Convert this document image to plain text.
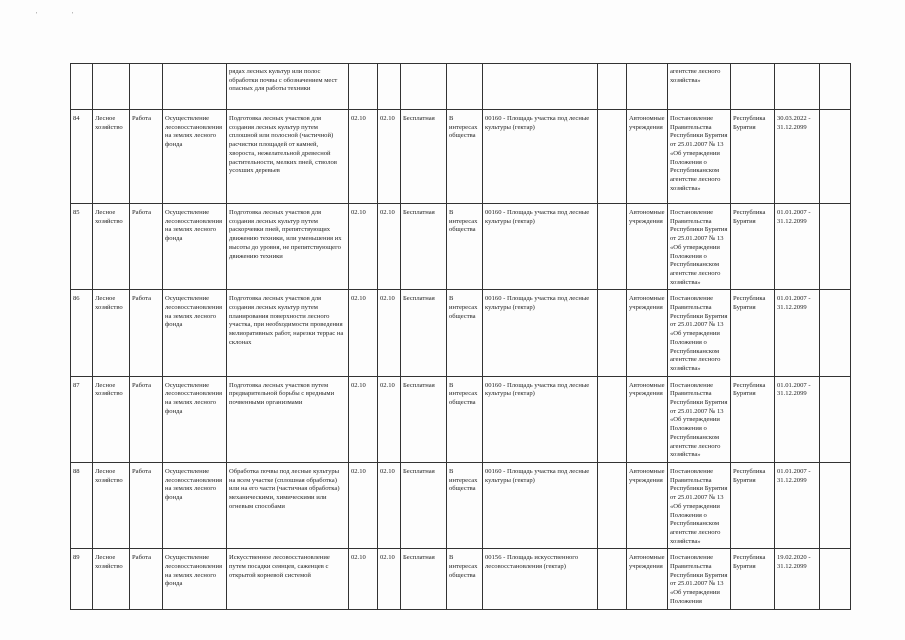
'	'
				рядах лесных культур или полос обработки почвы с обозначением мест опасных для работы техники								агентстве лесного хозяйства»			
84	Лесное хозяйство	Работа	Осуществление лесовосстановления на землях лесного фонда	Подготовка лесных участков для создания лесных культур путем сплошной или полосной (частичной) расчистки площадей от камней, хвороста, нежелательной древесной растительности, мелких пней, стволов усохших деревьев	02.10	02.10	Бесплатная	В интересах общества	00160 - Площадь участка под лесные культуры (гектар)		Автономные учреждения	Постановление Правительства Республики Бурятия от 25.01.2007 № 13 «Об утверждении Положения о Республиканском агентстве лесного хозяйства»	Республика Бурятия	30.03.2022 - 31.12.2099	
85	Лесное хозяйство	Работа	Осуществление лесовосстановления на землях лесного фонда	Подготовка лесных участков для создания лесных культур путем раскорчевки пней, препятствующих движению техники, или уменьшения их высоты до уровня, не препятствующего движению техники	02.10	02.10	Бесплатная	В интересах общества	00160 - Площадь участка под лесные культуры (гектар)		Автономные учреждения	Постановление Правительства Республики Бурятия от 25.01.2007 № 13 «Об утверждении Положения о Республиканском агентстве лесного хозяйства»	Республика Бурятия	01.01.2007 - 31.12.2099	
86	Лесное хозяйство	Работа	Осуществление лесовосстановления на землях лесного фонда	Подготовка лесных участков для создания лесных культур путем планирования поверхности лесного участка, при необходимости проведения мелиоративных работ, нарезки террас на склонах	02.10	02.10	Бесплатная	В интересах общества	00160 - Площадь участка под лесные культуры (гектар)		Автономные учреждения	Постановление Правительства Республики Бурятия от 25.01.2007 № 13 «Об утверждении Положения о Республиканском агентстве лесного хозяйства»	Республика Бурятия	01.01.2007 - 31.12.2099	
87	Лесное хозяйство	Работа	Осуществление лесовосстановления на землях лесного фонда	Подготовка лесных участков путем предварительной борьбы с вредными почвенными организмами	02.10	02.10	Бесплатная	В интересах общества	00160 - Площадь участка под лесные культуры (гектар)		Автономные учреждения	Постановление Правительства Республики Бурятия от 25.01.2007 № 13 «Об утверждении Положения о Республиканском агентстве лесного хозяйства»	Республика Бурятия	01.01.2007 - 31.12.2099	
88	Лесное хозяйство	Работа	Осуществление лесовосстановления на землях лесного фонда	Обработка почвы под лесные культуры на всем участке (сплошная обработка) или на его части (частичная обработка) механическими, химическими или огневым способами	02.10	02.10	Бесплатная	В интересах общества	00160 - Площадь участка под лесные культуры (гектар)		Автономные учреждения	Постановление Правительства Республики Бурятия от 25.01.2007 № 13 «Об утверждении Положения о Республиканском агентстве лесного хозяйства»	Республика Бурятия	01.01.2007 - 31.12.2099	
89	Лесное хозяйство	Работа	Осуществление лесовосстановления на землях лесного фонда	Искусственное лесовосстановление путем посадки сеянцев, саженцев с открытой корневой системой	02.10	02.10	Бесплатная	В интересах общества	00156 - Площадь искусственного лесовосстановления (гектар)		Автономные учреждения	Постановление Правительства Республики Бурятия от 25.01.2007 № 13 «Об утверждении Положения	Республика Бурятия	19.02.2020 - 31.12.2099	
